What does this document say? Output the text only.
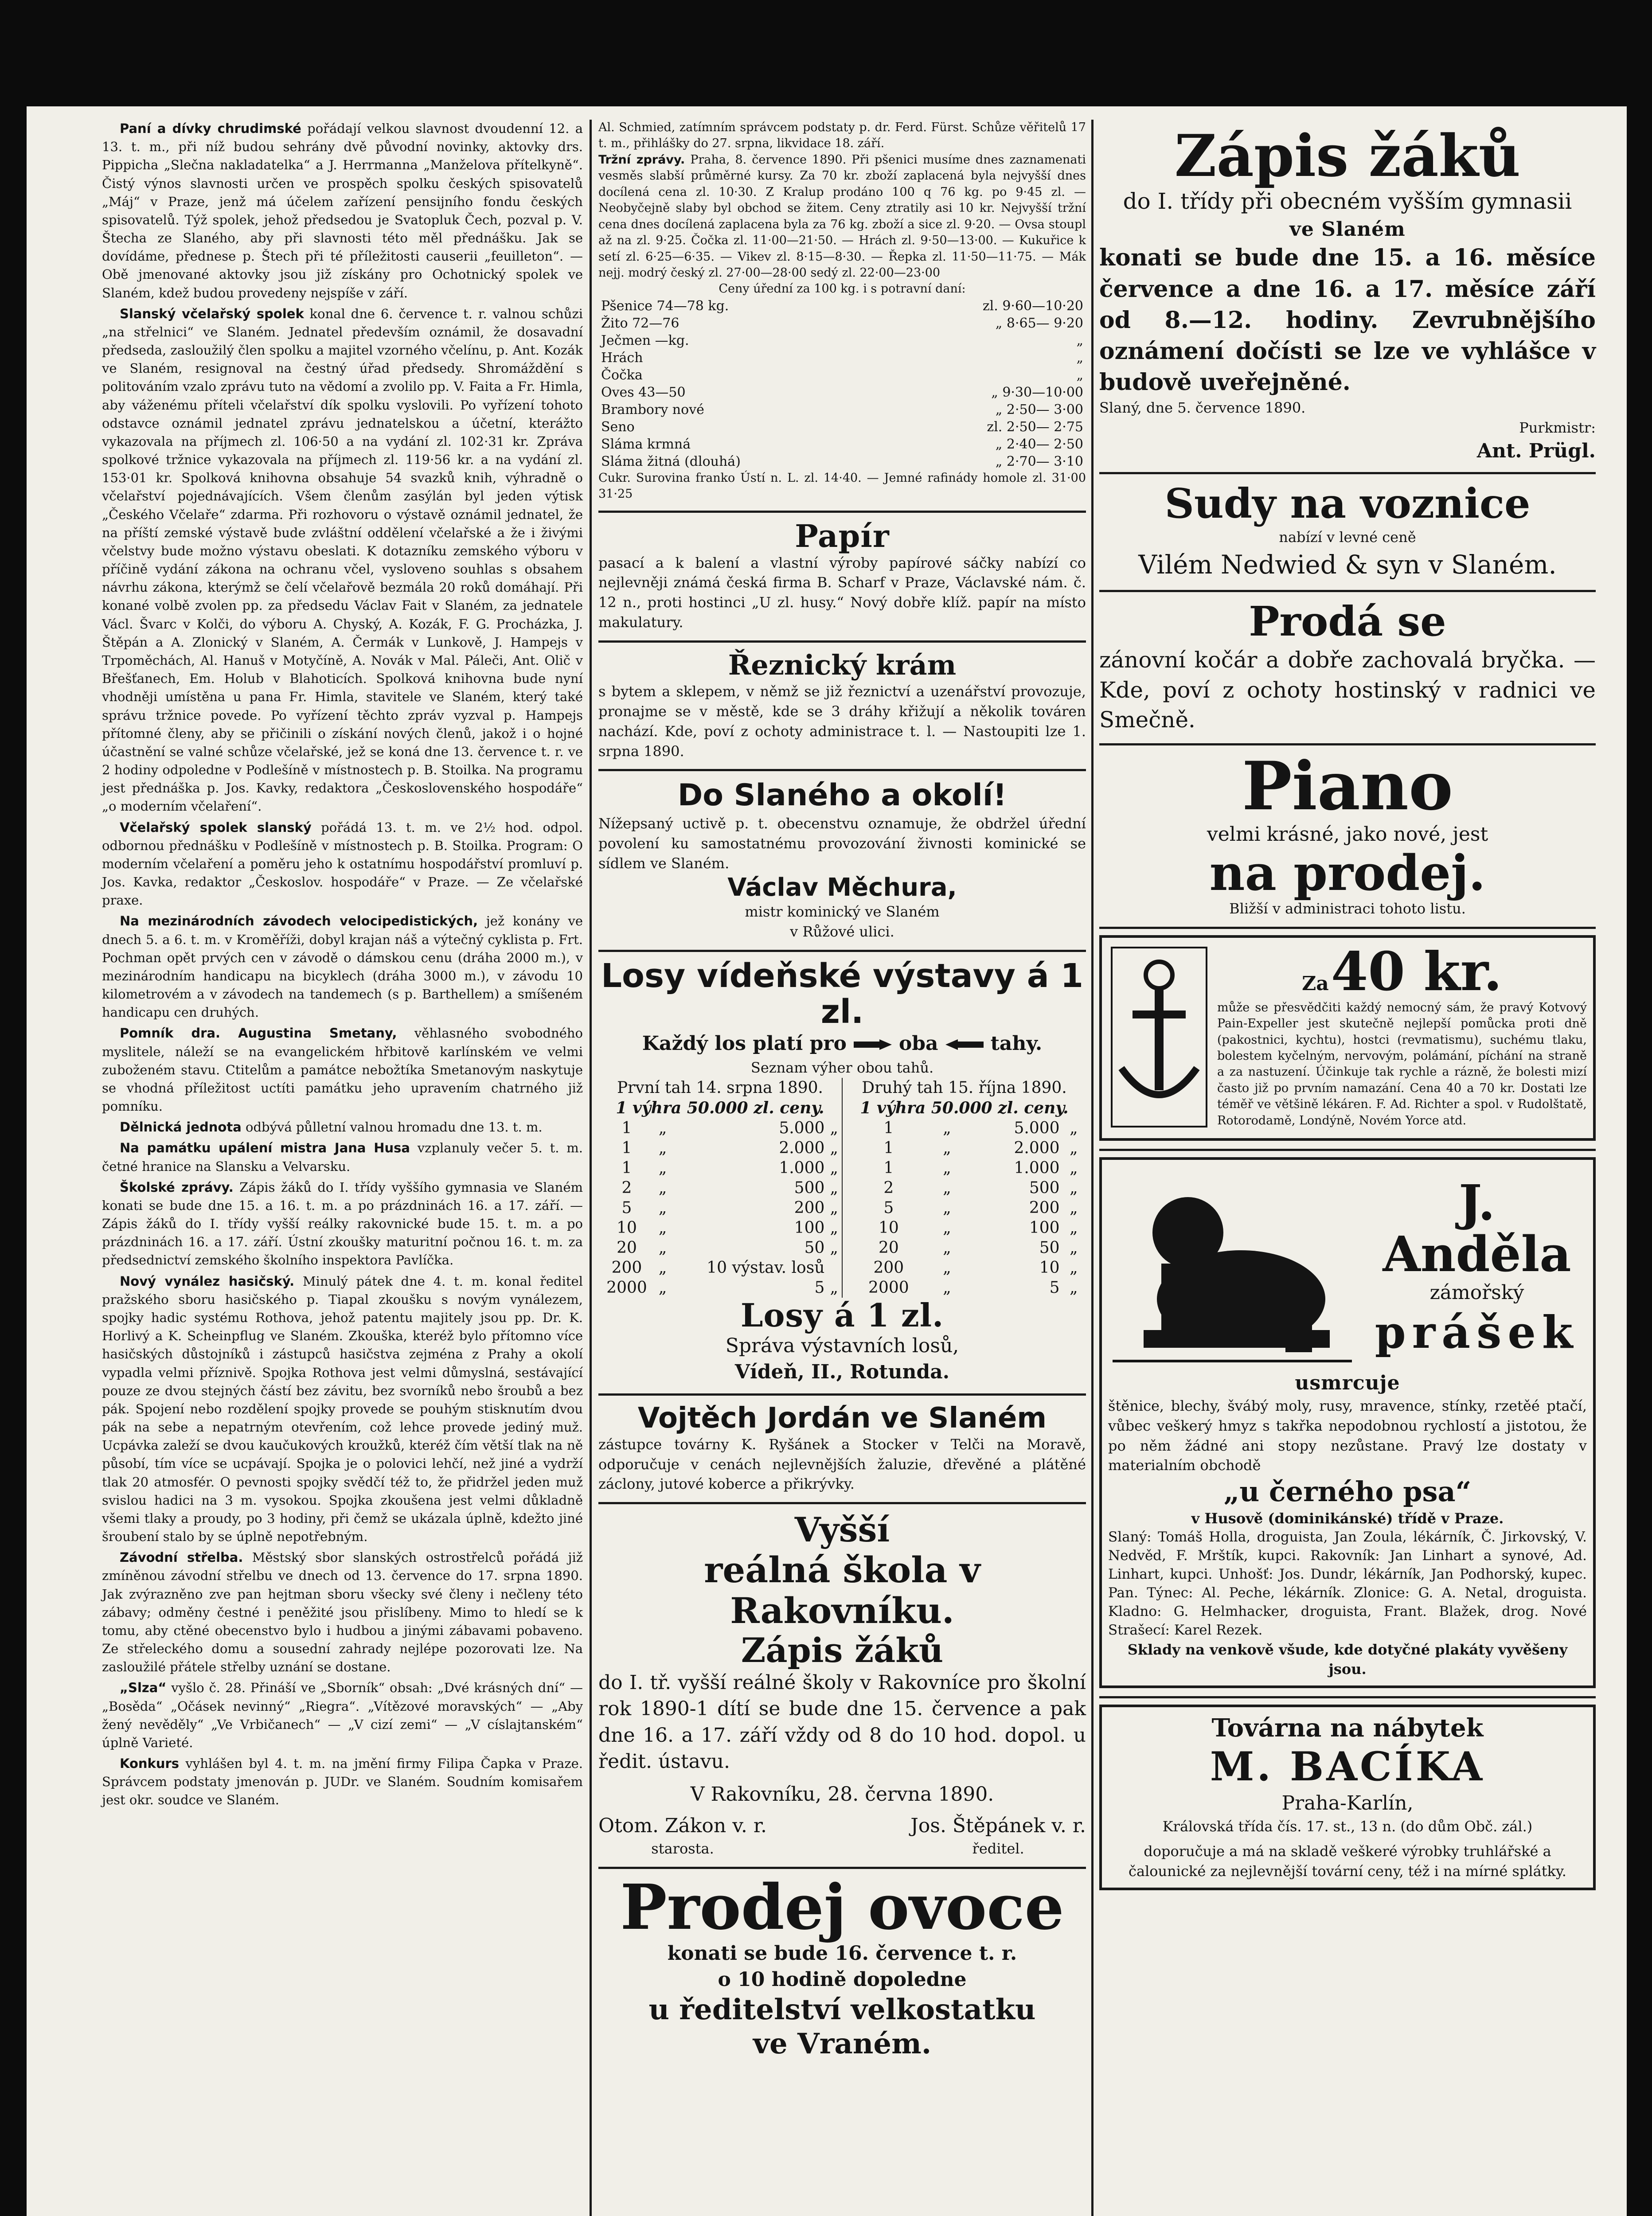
Paní a dívky chrudimské pořádají velkou slavnost dvoudenní 12. a 13. t. m., při níž budou sehrány dvě původní novinky, aktovky drs. Pippicha „Slečna nakladatelka“ a J. Herrmanna „Manželova přítelkyně“. Čistý výnos slavnosti určen ve prospěch spolku českých spisovatelů „Máj“ v Praze, jenž má účelem zařízení pensijního fondu českých spisovatelů. Týž spolek, jehož předsedou je Svatopluk Čech, pozval p. V. Štecha ze Slaného, aby při slavnosti této měl přednášku. Jak se dovídáme, přednese p. Štech při té příležitosti causerii „feuilleton“. — Obě jmenované aktovky jsou již získány pro Ochotnický spolek ve Slaném, kdež budou provedeny nejspíše v září.

Slanský včelařský spolek konal dne 6. července t. r. valnou schůzi „na střelnici“ ve Slaném. Jednatel především oznámil, že dosavadní předseda, zasloužilý člen spolku a majitel vzorného včelínu, p. Ant. Kozák ve Slaném, resignoval na čestný úřad předsedy. Shromáždění s politováním vzalo zprávu tuto na vědomí a zvolilo pp. V. Faita a Fr. Himla, aby váženému příteli včelařství dík spolku vyslovili. Po vyřízení tohoto odstavce oznámil jednatel zprávu jednatelskou a účetní, kterážto vykazovala na příjmech zl. 106·50 a na vydání zl. 102·31 kr. Zpráva spolkové tržnice vykazovala na příjmech zl. 119·56 kr. a na vydání zl. 153·01 kr. Spolková knihovna obsahuje 54 svazků knih, výhradně o včelařství pojednávajících. Všem členům zasýlán byl jeden výtisk „Českého Včelaře“ zdarma. Při rozhovoru o výstavě oznámil jednatel, že na příští zemské výstavě bude zvláštní oddělení včelařské a že i živými včelstvy bude možno výstavu obeslati. K dotazníku zemského výboru v příčině vydání zákona na ochranu včel, vysloveno souhlas s obsahem návrhu zákona, kterýmž se čelí včelařově bezmála 20 roků domáhají. Při konané volbě zvolen pp. za předsedu Václav Fait v Slaném, za jednatele Václ. Švarc v Kolči, do výboru A. Chyský, A. Kozák, F. G. Procházka, J. Štěpán a A. Zlonický v Slaném, A. Čermák v Lunkově, J. Hampejs v Trpoměchách, Al. Hanuš v Motyčíně, A. Novák v Mal. Páleči, Ant. Olič v Břešťanech, Em. Holub v Blahoticích. Spolková knihovna bude nyní vhodněji umístěna u pana Fr. Himla, stavitele ve Slaném, který také správu tržnice povede. Po vyřízení těchto zpráv vyzval p. Hampejs přítomné členy, aby se přičinili o získání nových členů, jakož i o hojné účastnění se valné schůze včelařské, jež se koná dne 13. července t. r. ve 2 hodiny odpoledne v Podlešíně v místnostech p. B. Stoilka. Na programu jest přednáška p. Jos. Kavky, redaktora „Československého hospodáře“ „o moderním včelaření“.

Včelařský spolek slanský pořádá 13. t. m. ve 2½ hod. odpol. odbornou přednášku v Podlešíně v místnostech p. B. Stoilka. Program: O moderním včelaření a poměru jeho k ostatnímu hospodářství promluví p. Jos. Kavka, redaktor „Českoslov. hospodáře“ v Praze. — Ze včelařské praxe.

Na mezinárodních závodech velocipedistických, jež konány ve dnech 5. a 6. t. m. v Kroměříži, dobyl krajan náš a výtečný cyklista p. Frt. Pochman opět prvých cen v závodě o dámskou cenu (dráha 2000 m.), v mezinárodním handicapu na bicyklech (dráha 3000 m.), v závodu 10 kilometrovém a v závodech na tandemech (s p. Barthellem) a smíšeném handicapu cen druhých.

Pomník dra. Augustina Smetany, věhlasného svobodného myslitele, náleží se na evangelickém hřbitově karlínském ve velmi zuboženém stavu. Ctitelům a památce nebožtíka Smetanovým naskytuje se vhodná příležitost uctíti památku jeho upravením chatrného již pomníku.

Dělnická jednota odbývá půlletní valnou hromadu dne 13. t. m.

Na památku upálení mistra Jana Husa vzplanuly večer 5. t. m. četné hranice na Slansku a Velvarsku.

Školské zprávy. Zápis žáků do I. třídy vyššího gymnasia ve Slaném konati se bude dne 15. a 16. t. m. a po prázdninách 16. a 17. září. — Zápis žáků do I. třídy vyšší reálky rakovnické bude 15. t. m. a po prázdninách 16. a 17. září. Ústní zkoušky maturitní počnou 16. t. m. za předsednictví zemského školního inspektora Pavlíčka.

Nový vynález hasičský. Minulý pátek dne 4. t. m. konal ředitel pražského sboru hasičského p. Tiapal zkoušku s novým vynálezem, spojky hadic systému Rothova, jehož patentu majitely jsou pp. Dr. K. Horlivý a K. Scheinpflug ve Slaném. Zkouška, kteréž bylo přítomno více hasičských důstojníků i zástupců hasičstva zejména z Prahy a okolí vypadla velmi příznivě. Spojka Rothova jest velmi důmyslná, sestávající pouze ze dvou stejných částí bez závitu, bez svorníků nebo šroubů a bez pák. Spojení nebo rozdělení spojky provede se pouhým stisknutím dvou pák na sebe a nepatrným otevřením, což lehce provede jediný muž. Ucpávka zaleží se dvou kaučukových kroužků, kteréž čím větší tlak na ně působí, tím více se ucpávají. Spojka je o polovici lehčí, než jiné a vydrží tlak 20 atmosfér. O pevnosti spojky svědčí též to, že přidržel jeden muž svislou hadici na 3 m. vysokou. Spojka zkoušena jest velmi důkladně všemi tlaky a proudy, po 3 hodiny, při čemž se ukázala úplně, kdežto jiné šroubení stalo by se úplně nepotřebným.

Závodní střelba. Městský sbor slanských ostrostřelců pořádá již zmíněnou závodní střelbu ve dnech od 13. července do 17. srpna 1890. Jak zvýrazněno zve pan hejtman sboru všecky své členy i nečleny této zábavy; odměny čestné i peněžité jsou přislíbeny. Mimo to hledí se k tomu, aby ctěné obecenstvo bylo i hudbou a jinými zábavami pobaveno. Ze střeleckého domu a sousední zahrady nejlépe pozorovati lze. Na zasloužilé přátele střelby uznání se dostane.

„Slza“ vyšlo č. 28. Přináší ve „Sborník“ obsah: „Dvé krásných dní“ — „Bosěda“ „Očásek nevinný“ „Riegra“. „Vítězové moravských“ — „Aby žený nevěděly“ „Ve Vrbičanech“ — „V cizí zemi“ — „V císlajtanském“ úplně Varieté.

Konkurs vyhlášen byl 4. t. m. na jmění firmy Filipa Čapka v Praze. Správcem podstaty jmenován p. JUDr. ve Slaném. Soudním komisařem jest okr. soudce ve Slaném.

Al. Schmied, zatímním správcem podstaty p. dr. Ferd. Fürst. Schůze věřitelů 17 t. m., přihlášky do 27. srpna, likvidace 18. září.

Tržní zprávy. Praha, 8. července 1890. Při pšenici musíme dnes zaznamenati vesměs slabší průměrné kursy. Za 70 kr. zboží zaplacená byla nejvyšší dnes docílená cena zl. 10·30. Z Kralup prodáno 100 q 76 kg. po 9·45 zl. — Neobyčejně slaby byl obchod se žitem. Ceny ztratily asi 10 kr. Nejvyšší tržní cena dnes docílená zaplacena byla za 76 kg. zboží a sice zl. 9·20. — Ovsa stoupl až na zl. 9·25. Čočka zl. 11·00—21·50. — Hrách zl. 9·50—13·00. — Kukuřice k setí zl. 6·25—6·35. — Vikev zl. 8·15—8·30. — Řepka zl. 11·50—11·75. — Mák nejj. modrý český zl. 27·00—28·00 sedý zl. 22·00—23·00

Ceny úřední za 100 kg. i s potravní daní:

Pšenice 74—78 kg.	zl. 9·60—10·20
Žito 72—76	„ 8·65— 9·20
Ječmen —kg.	„
Hrách	„
Čočka	„
Oves 43—50	„ 9·30—10·00
Brambory nové	„ 2·50— 3·00
Seno	zl. 2·50— 2·75
Sláma krmná	„ 2·40— 2·50
Sláma žitná (dlouhá)	„ 2·70— 3·10

Cukr. Surovina franko Ústí n. L. zl. 14·40. — Jemné rafinády homole zl. 31·00 31·25

Papír

pasací a k balení a vlastní výroby papírové sáčky nabízí co nejlevněji známá česká firma B. Scharf v Praze, Václavské nám. č. 12 n., proti hostinci „U zl. husy.“ Nový dobře klíž. papír na místo makulatury.

Řeznický krám

s bytem a sklepem, v němž se již řeznictví a uzenářství provozuje, pronajme se v městě, kde se 3 dráhy křižují a několik továren nachází. Kde, poví z ochoty administrace t. l. — Nastoupiti lze 1. srpna 1890.

Do Slaného a okolí!

Nížepsaný uctivě p. t. obecenstvu oznamuje, že obdržel úřední povolení ku samostatnému provozování živnosti kominické se sídlem ve Slaném.

Václav Měchura,
mistr kominický ve Slaném
v Růžové ulici.
Losy vídeňské výstavy á 1 zl.
Každý los platí pro	oba	tahy.
Seznam výher obou tahů.
První tah 14. srpna 1890.				Druhý tah 15. října 1890.			
1 výhra 50.000 zl. ceny.				1 výhra 50.000 zl. ceny.			
1	„	5.000	„	1	„	5.000	„
1	„	2.000	„	1	„	2.000	„
1	„	1.000	„	1	„	1.000	„
2	„	500	„	2	„	500	„
5	„	200	„	5	„	200	„
10	„	100	„	10	„	100	„
20	„	50	„	20	„	50	„
200	„	10 výstav. losů		200	„	10	„
2000	„	5	„	2000	„	5	„
Losy á 1 zl.
Správa výstavních losů,
Vídeň, II., Rotunda.
Vojtěch Jordán ve Slaném

zástupce továrny K. Ryšánek a Stocker v Telči na Moravě, odporučuje v cenách nejlevnějších žaluzie, dřevěné a plátěné záclony, jutové koberce a přikrývky.

Vyšší
reálná škola v Rakovníku.
Zápis žáků

do I. tř. vyšší reálné školy v Rakovníce pro školní rok 1890-1 dítí se bude dne 15. července a pak dne 16. a 17. září vždy od 8 do 10 hod. dopol. u ředit. ústavu.

V Rakovníku, 28. června 1890.
Otom. Zákon v. r.
starosta.
Jos. Štěpánek v. r.
ředitel.
Prodej ovoce
konati se bude 16. července t. r.
o 10 hodině dopoledne
u ředitelství velkostatku
ve Vraném.
Zápis žáků
do I. třídy při obecném vyšším gymnasii
ve Slaném

konati se bude dne 15. a 16. měsíce července a dne 16. a 17. měsíce září od 8.—12. hodiny. Zevrubnějšího oznámení dočísti se lze ve vyhlášce v budově uveřejněné.

Slaný, dne 5. července 1890.
Purkmistr:
Ant. Prügl.
Sudy na voznice
nabízí v levné ceně
Vilém Nedwied & syn v Slaném.
Prodá se

zánovní kočár a dobře zachovalá bryčka. — Kde, poví z ochoty hostinský v radnici ve Smečně.

Piano
velmi krásné, jako nové, jest
na prodej.
Bližší v administraci tohoto listu.
Za 40 kr.

může se přesvědčiti každý nemocný sám, že pravý Kotvový Pain-Expeller jest skutečně nejlepší pomůcka proti dně (pakostnici, kychtu), hostci (revmatismu), suchému tlaku, bolestem kyčelným, nervovým, polámání, píchání na straně a za nastuzení. Účinkuje tak rychle a rázně, že bolesti mizí často již po prvním namazání. Cena 40 a 70 kr. Dostati lze téměř ve většině lékáren. F. Ad. Richter a spol. v Rudolštatě, Rotorodamě, Londýně, Novém Yorce atd.

J. Anděla
zámořský
prášek
usmrcuje

štěnice, blechy, švábý moly, rusy, mravence, stínky, rzetěé ptačí, vůbec veškerý hmyz s takřka nepodobnou rychlostí a jistotou, že po něm žádné ani stopy nezůstane. Pravý lze dostaty v materialním obchodě

„u černého psa“
v Husově (dominikánské) třídě v Praze.

Slaný: Tomáš Holla, droguista, Jan Zoula, lékárník, Č. Jirkovský, V. Nedvěd, F. Mrštík, kupci. Rakovník: Jan Linhart a synové, Ad. Linhart, kupci. Unhošť: Jos. Dundr, lékárník, Jan Podhorský, kupec. Pan. Týnec: Al. Peche, lékárník. Zlonice: G. A. Netal, droguista. Kladno: G. Helmhacker, droguista, Frant. Blažek, drog. Nové Strašecí: Karel Rezek.

Sklady na venkově všude, kde dotyčné plakáty vyvěšeny jsou.

Továrna na nábytek
M. BACÍKA
Praha-Karlín,
Královská třída čís. 17. st., 13 n. (do dům Obč. zál.)

doporučuje a má na skladě veškeré výrobky truhlářské a čalounické za nejlevnější tovární ceny, též i na mírné splátky.
